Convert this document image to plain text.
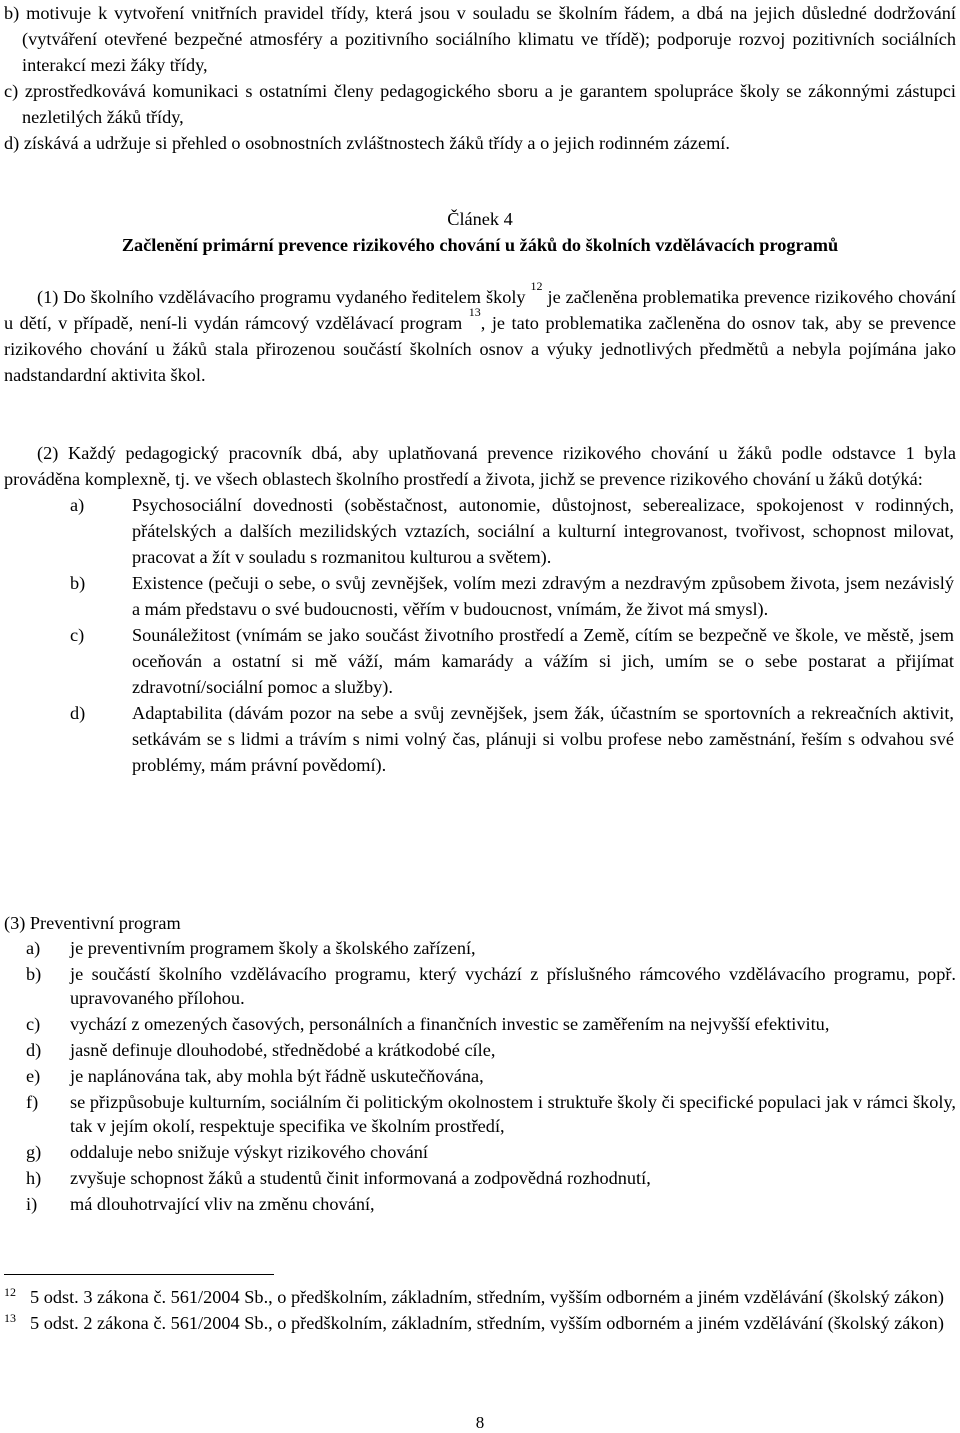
b) motivuje k vytvoření vnitřních pravidel třídy, která jsou v souladu se školním řádem, a dbá na jejich důsledné dodržování (vytváření otevřené bezpečné atmosféry a pozitivního sociálního klimatu ve třídě); podporuje rozvoj pozitivních sociálních interakcí mezi žáky třídy,
c) zprostředkovává komunikaci s ostatními členy pedagogického sboru a je garantem spolupráce školy se zákonnými zástupci nezletilých žáků třídy,
d) získává a udržuje si přehled o osobnostních zvláštnostech žáků třídy a o jejich rodinném zázemí.
Článek 4
Začlenění primární prevence rizikového chování u žáků do školních vzdělávacích programů
(1) Do školního vzdělávacího programu vydaného ředitelem školy $^{12}$ je začleněna problematika prevence rizikového chování u dětí, v případě, není-li vydán rámcový vzdělávací program $^{13}$, je tato problematika začleněna do osnov tak, aby se prevence rizikového chování u žáků stala přirozenou součástí školních osnov a výuky jednotlivých předmětů a nebyla pojímána jako nadstandardní aktivita škol.
(2) Každý pedagogický pracovník dbá, aby uplatňovaná prevence rizikového chování u žáků podle odstavce 1 byla prováděna komplexně, tj. ve všech oblastech školního prostředí a života, jichž se prevence rizikového chování u žáků dotýká:
a)	Psychosociální dovednosti (soběstačnost, autonomie, důstojnost, seberealizace, spokojenost v rodinných, přátelských a dalších mezilidských vztazích, sociální a kulturní integrovanost, tvořivost, schopnost milovat, pracovat a žít v souladu s rozmanitou kulturou a světem).
b)	Existence (pečuji o sebe, o svůj zevnějšek, volím mezi zdravým a nezdravým způsobem života, jsem nezávislý a mám představu o své budoucnosti, věřím v budoucnost, vnímám, že život má smysl).
c)	Sounáležitost (vnímám se jako součást životního prostředí a Země, cítím se bezpečně ve škole, ve městě, jsem oceňován a ostatní si mě váží, mám kamarády a vážím si jich, umím se o sebe postarat a přijímat zdravotní/sociální pomoc a služby).
d)	Adaptabilita (dávám pozor na sebe a svůj zevnějšek, jsem žák, účastním se sportovních a rekreačních aktivit, setkávám se s lidmi a trávím s nimi volný čas, plánuji si volbu profese nebo zaměstnání, řeším s odvahou své problémy, mám právní povědomí).
(3) Preventivní program
a)	je preventivním programem školy a školského zařízení,
b)	je součástí školního vzdělávacího programu, který vychází z příslušného rámcového vzdělávacího programu, popř. upravovaného přílohou.
c)	vychází z omezených časových, personálních a finančních investic se zaměřením na nejvyšší efektivitu,
d)	jasně definuje dlouhodobé, střednědobé a krátkodobé cíle,
e)	je naplánována tak, aby mohla být řádně uskutečňována,
f)	se přizpůsobuje kulturním, sociálním či politickým okolnostem i struktuře školy či specifické populaci jak v rámci školy, tak v jejím okolí, respektuje specifika ve školním prostředí,
g)	oddaluje nebo snižuje výskyt rizikového chování
h)	zvyšuje schopnost žáků a studentů činit informovaná a zodpovědná rozhodnutí,
i)	má dlouhotrvající vliv na změnu chování,
$^{12}$ 5 odst. 3 zákona č. 561/2004 Sb., o předškolním, základním, středním, vyšším odborném a jiném vzdělávání (školský zákon)
$^{13}$ 5 odst. 2 zákona č. 561/2004 Sb., o předškolním, základním, středním, vyšším odborném a jiném vzdělávání (školský zákon)
8
